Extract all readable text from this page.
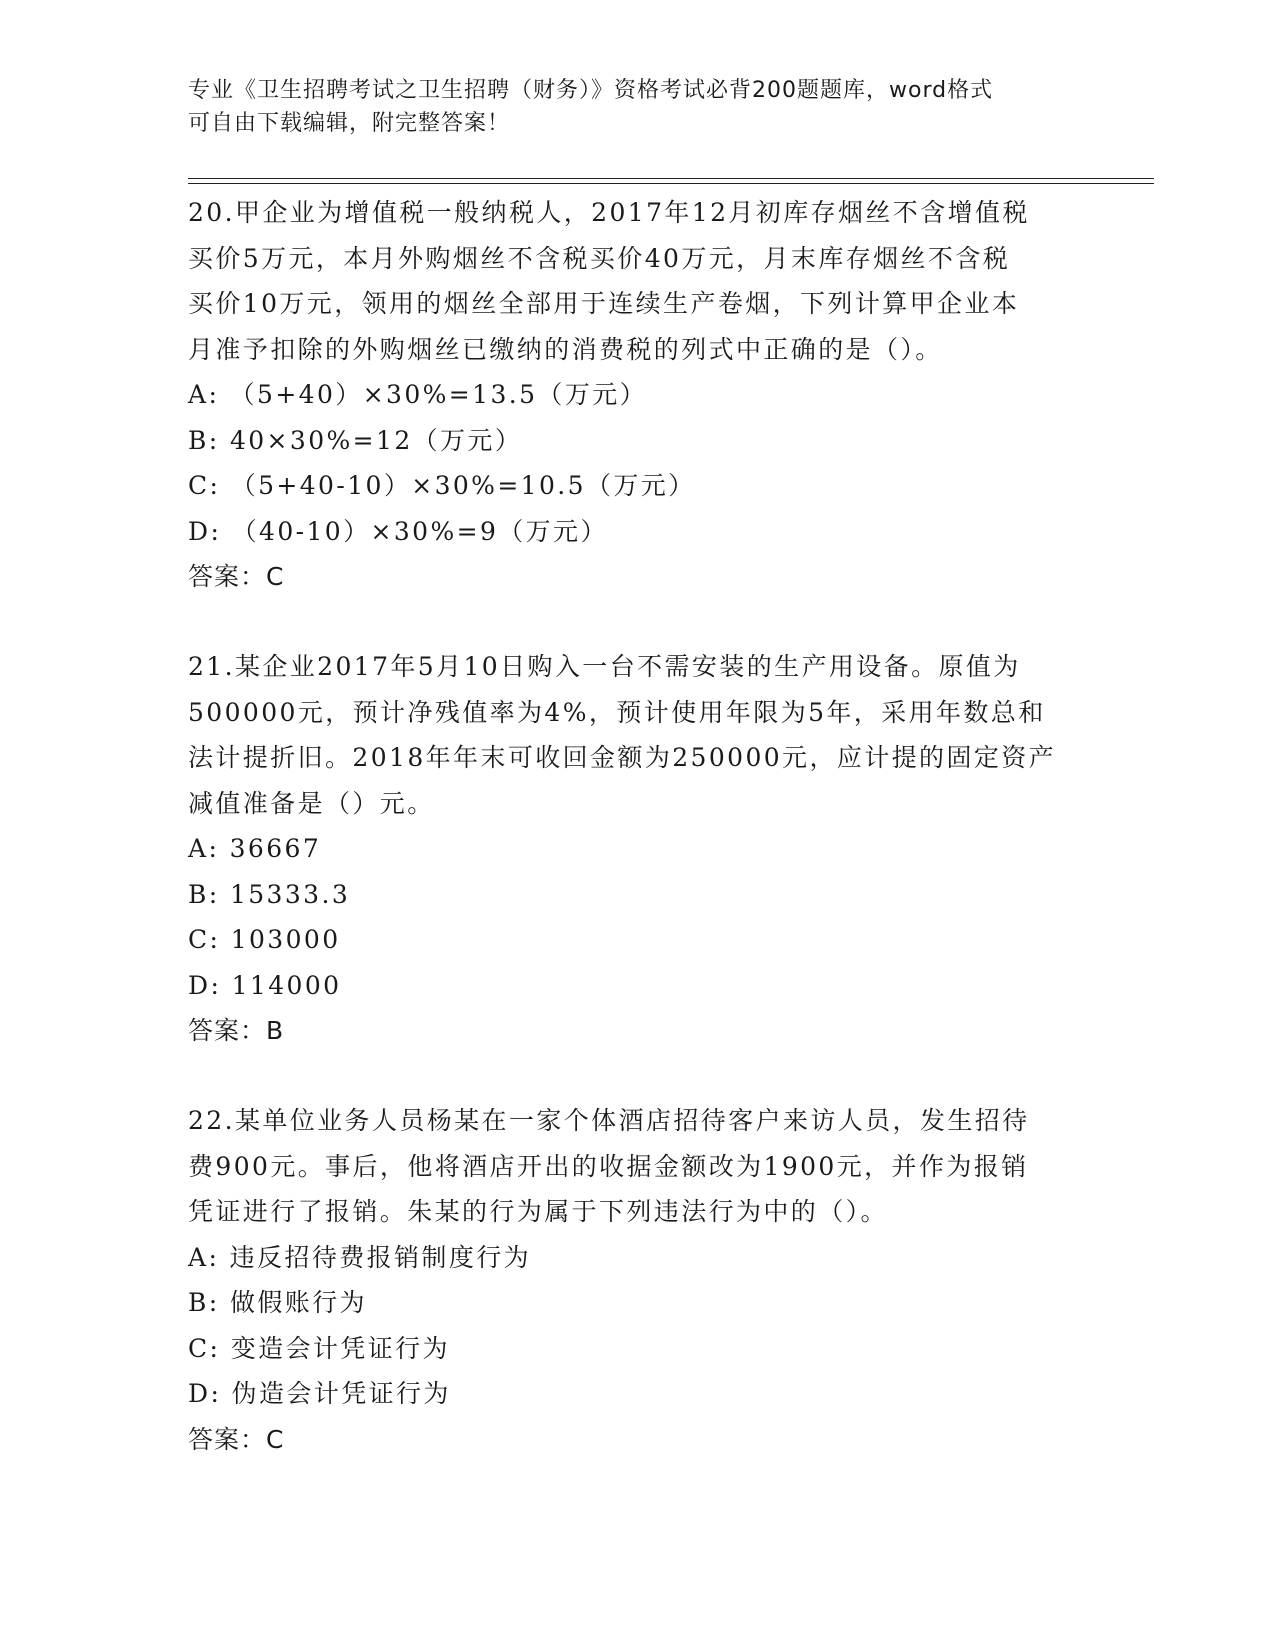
专业《卫生招聘考试之卫生招聘（财务）》资格考试必背200题题库，word格式
可自由下载编辑，附完整答案！

20.甲企业为增值税一般纳税人，2017年12月初库存烟丝不含增值税

买价5万元，本月外购烟丝不含税买价40万元，月末库存烟丝不含税

买价10万元，领用的烟丝全部用于连续生产卷烟，下列计算甲企业本

月准予扣除的外购烟丝已缴纳的消费税的列式中正确的是（）。

A: （5+40）×30%=13.5（万元）

B: 40×30%=12（万元）

C: （5+40-10）×30%=10.5（万元）

D: （40-10）×30%=9（万元）

答案：C

21.某企业2017年5月10日购入一台不需安装的生产用设备。原值为

500000元，预计净残值率为4%，预计使用年限为5年，采用年数总和

法计提折旧。2018年年末可收回金额为250000元，应计提的固定资产

减值准备是（）元。

A: 36667

B: 15333.3

C: 103000

D: 114000

答案：B

22.某单位业务人员杨某在一家个体酒店招待客户来访人员，发生招待

费900元。事后，他将酒店开出的收据金额改为1900元，并作为报销

凭证进行了报销。朱某的行为属于下列违法行为中的（）。

A: 违反招待费报销制度行为

B: 做假账行为

C: 变造会计凭证行为

D: 伪造会计凭证行为

答案：C
